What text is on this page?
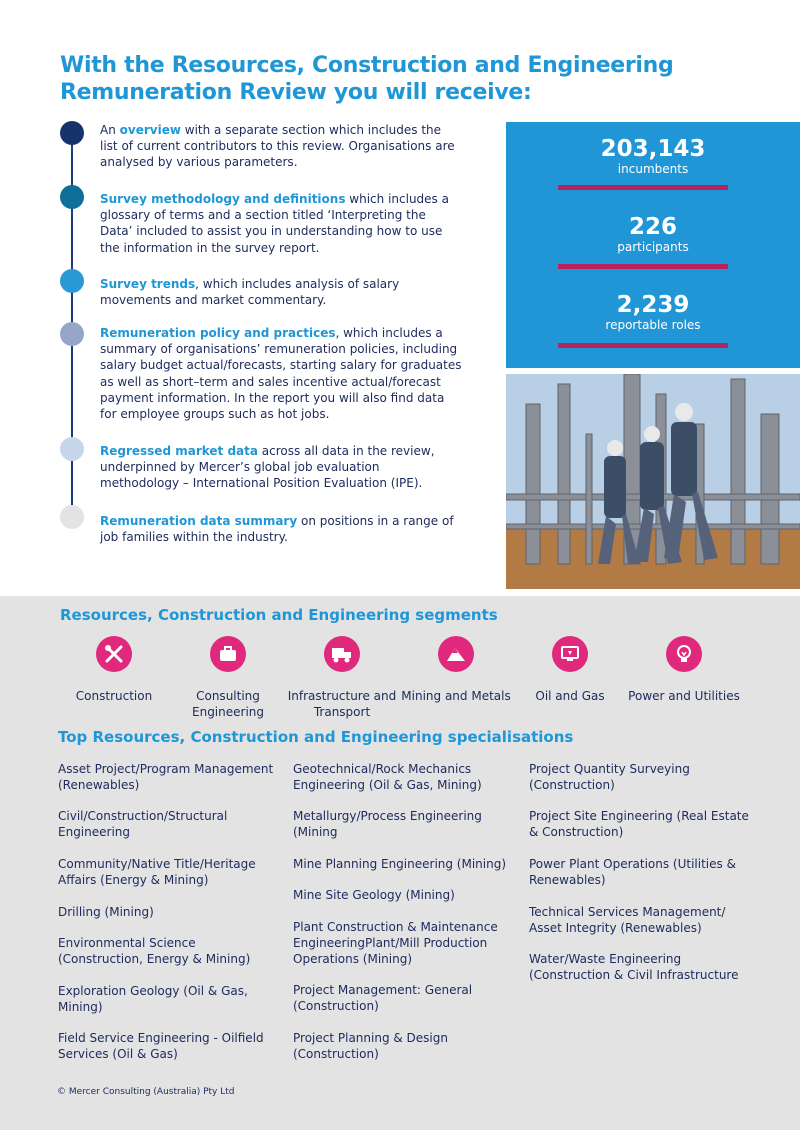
With the Resources, Construction and Engineering Remuneration Review you will receive:
An overview with a separate section which includes the list of current contributors to this review. Organisations are analysed by various parameters.
Survey methodology and definitions which includes a glossary of terms and a section titled ‘Interpreting the Data’ included to assist you in understanding how to use the information in the survey report.
Survey trends, which includes analysis of salary movements and market commentary.
Remuneration policy and practices, which includes a summary of organisations’ remuneration policies, including salary budget actual/forecasts, starting salary for graduates as well as short–term and sales incentive actual/forecast payment information. In the report you will also find data for employee groups such as hot jobs.
Regressed market data across all data in the review, underpinned by Mercer’s global job evaluation methodology – International Position Evaluation (IPE).
Remuneration data summary on positions in a range of job families within the industry.
203,143
incumbents
226
participants
2,239
reportable roles
Resources, Construction and Engineering segments
Construction	Consulting Engineering
Infrastructure and Transport
Mining and Metals	Oil and Gas	Power and Utilities
Top Resources, Construction and Engineering specialisations
Asset Project/Program Management (Renewables)
Civil/Construction/Structural Engineering
Community/Native Title/Heritage Affairs (Energy & Mining)
Drilling (Mining)
Environmental Science (Construction, Energy & Mining)
Exploration Geology (Oil & Gas, Mining)
Field Service Engineering - Oilfield Services (Oil & Gas)
Geotechnical/Rock Mechanics Engineering (Oil & Gas, Mining)
Metallurgy/Process Engineering (Mining
Mine Planning Engineering (Mining)
Mine Site Geology (Mining)
Plant Construction & Maintenance EngineeringPlant/Mill Production Operations (Mining)
Project Management: General (Construction)
Project Planning & Design (Construction)
Project Quantity Surveying (Construction)
Project Site Engineering (Real Estate & Construction)
Power Plant Operations (Utilities & Renewables)
Technical Services Management/ Asset Integrity (Renewables)
Water/Waste Engineering (Construction & Civil Infrastructure
© Mercer Consulting (Australia) Pty Ltd
